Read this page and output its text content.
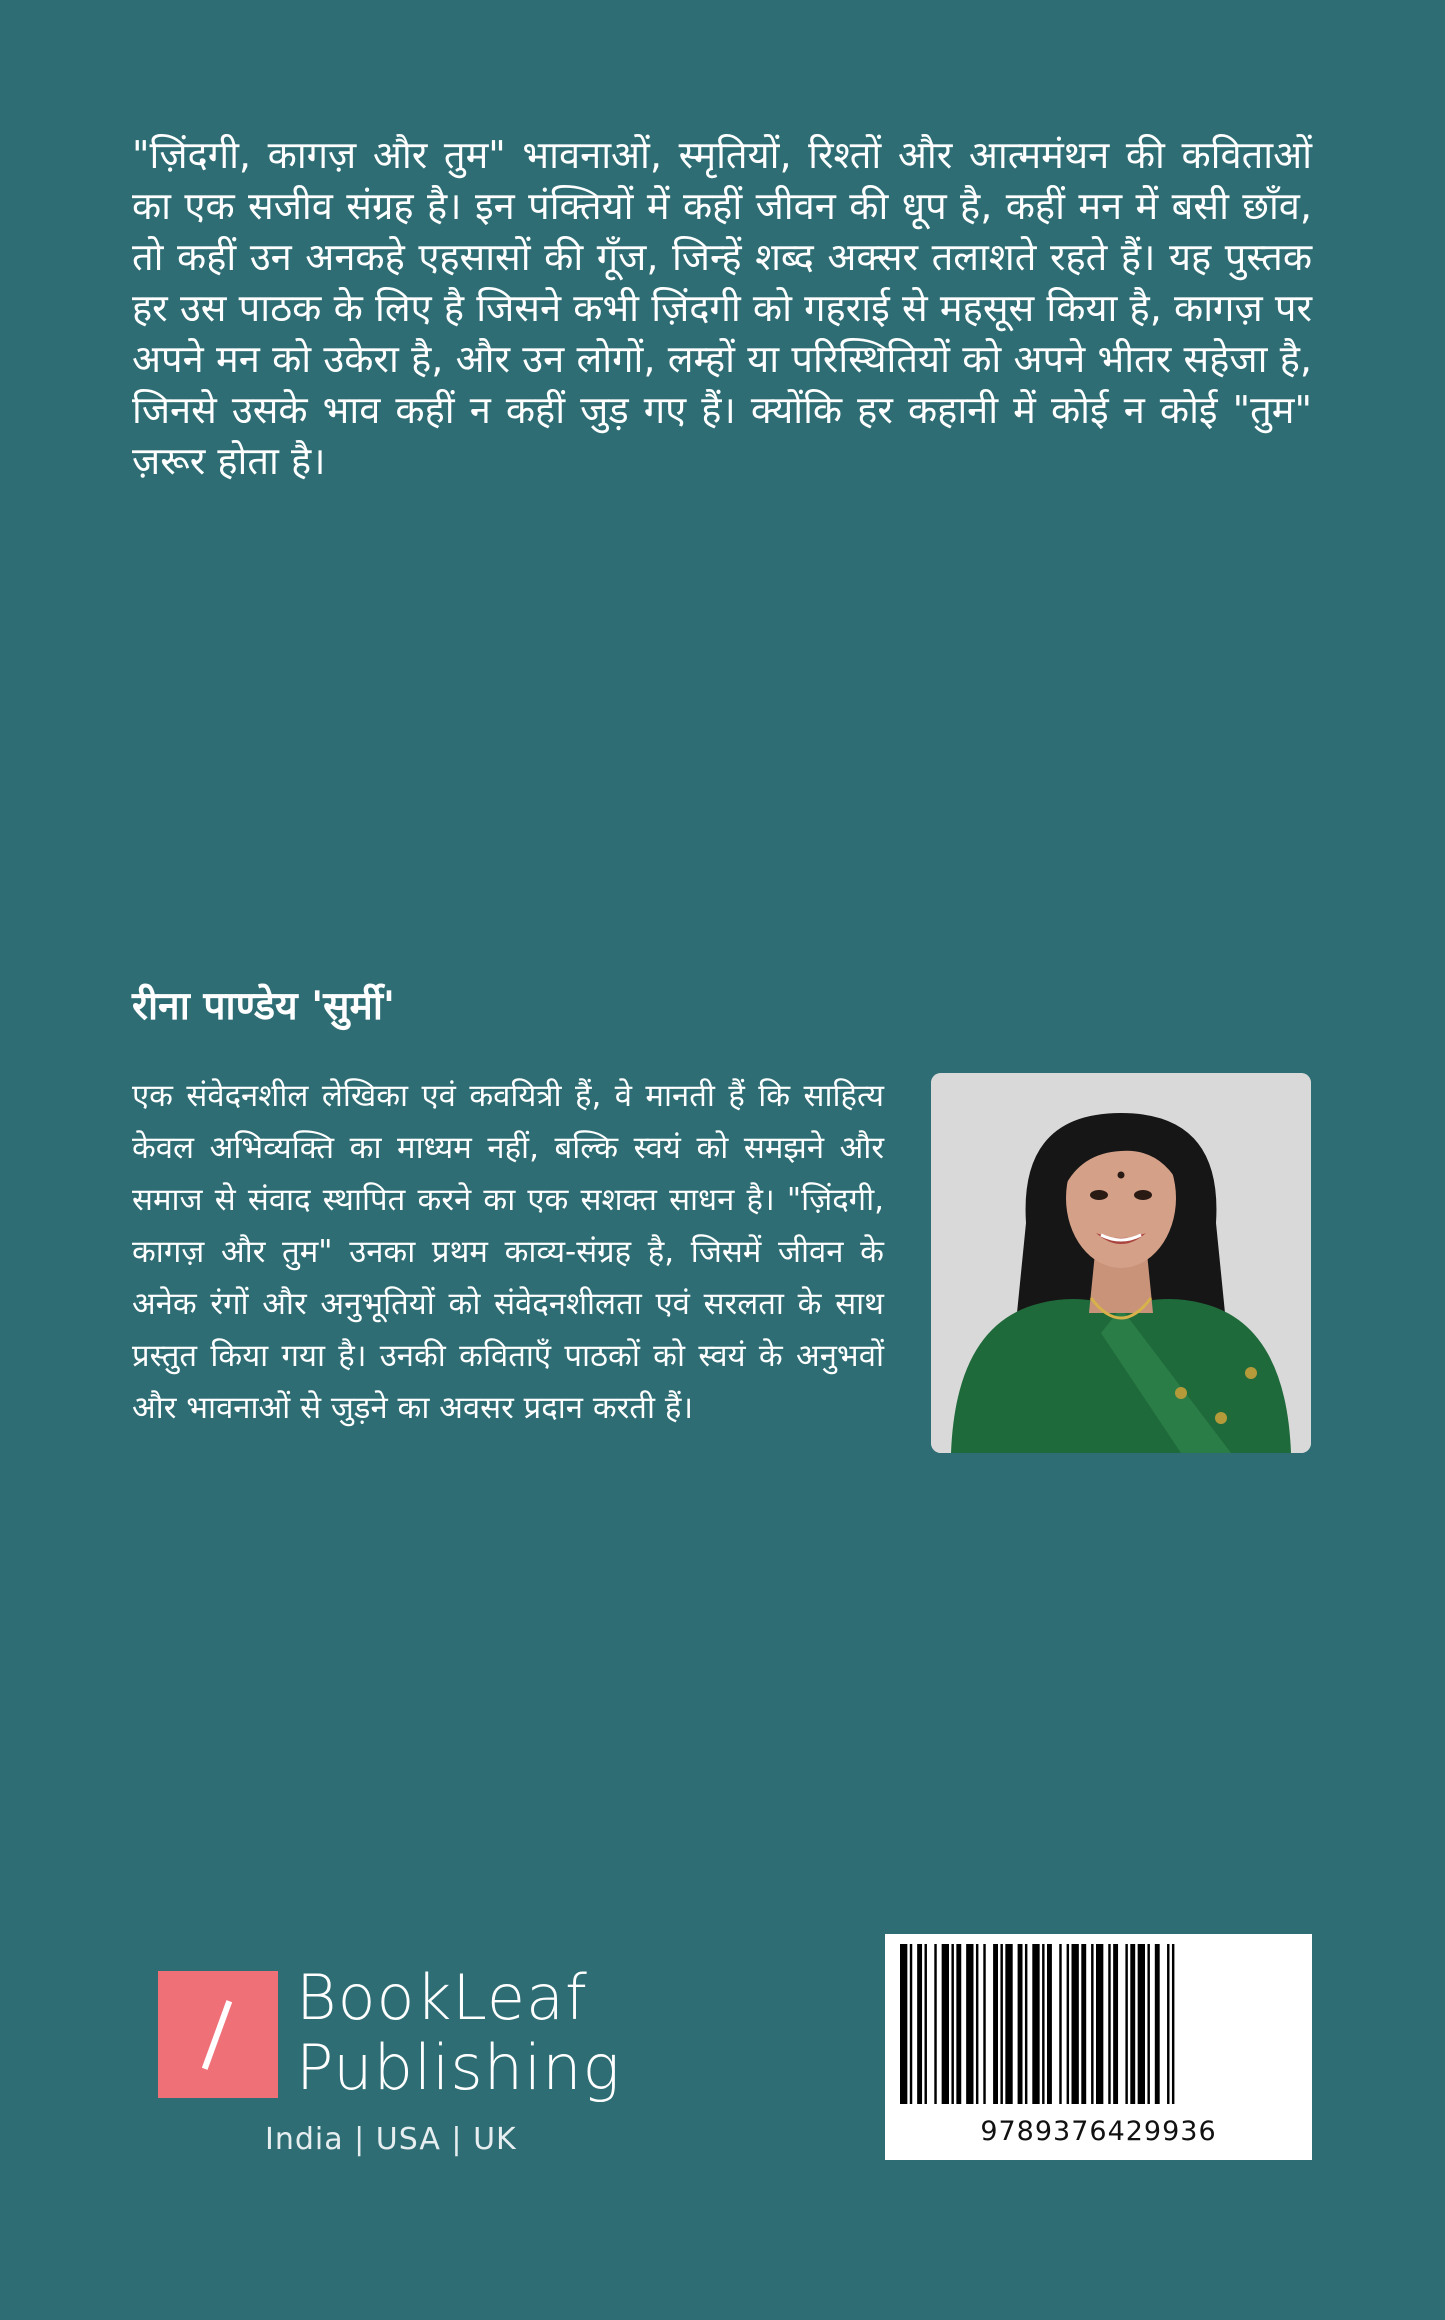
"ज़िंदगी, कागज़ और तुम" भावनाओं, स्मृतियों, रिश्तों और आत्ममंथन की कविताओं का एक सजीव संग्रह है। इन पंक्तियों में कहीं जीवन की धूप है, कहीं मन में बसी छाँव, तो कहीं उन अनकहे एहसासों की गूँज, जिन्हें शब्द अक्सर तलाशते रहते हैं। यह पुस्तक हर उस पाठक के लिए है जिसने कभी ज़िंदगी को गहराई से महसूस किया है, कागज़ पर अपने मन को उकेरा है, और उन लोगों, लम्हों या परिस्थितियों को अपने भीतर सहेजा है, जिनसे उसके भाव कहीं न कहीं जुड़ गए हैं। क्योंकि हर कहानी में कोई न कोई "तुम" ज़रूर होता है।

रीना पाण्डेय 'सुर्मी'

एक संवेदनशील लेखिका एवं कवयित्री हैं, वे मानती हैं कि साहित्य केवल अभिव्यक्ति का माध्यम नहीं, बल्कि स्वयं को समझने और समाज से संवाद स्थापित करने का एक सशक्त साधन है। "ज़िंदगी, कागज़ और तुम" उनका प्रथम काव्य-संग्रह है, जिसमें जीवन के अनेक रंगों और अनुभूतियों को संवेदनशीलता एवं सरलता के साथ प्रस्तुत किया गया है। उनकी कविताएँ पाठकों को स्वयं के अनुभवों और भावनाओं से जुड़ने का अवसर प्रदान करती हैं।

BookLeaf
Publishing
India | USA | UK	9789376429936
